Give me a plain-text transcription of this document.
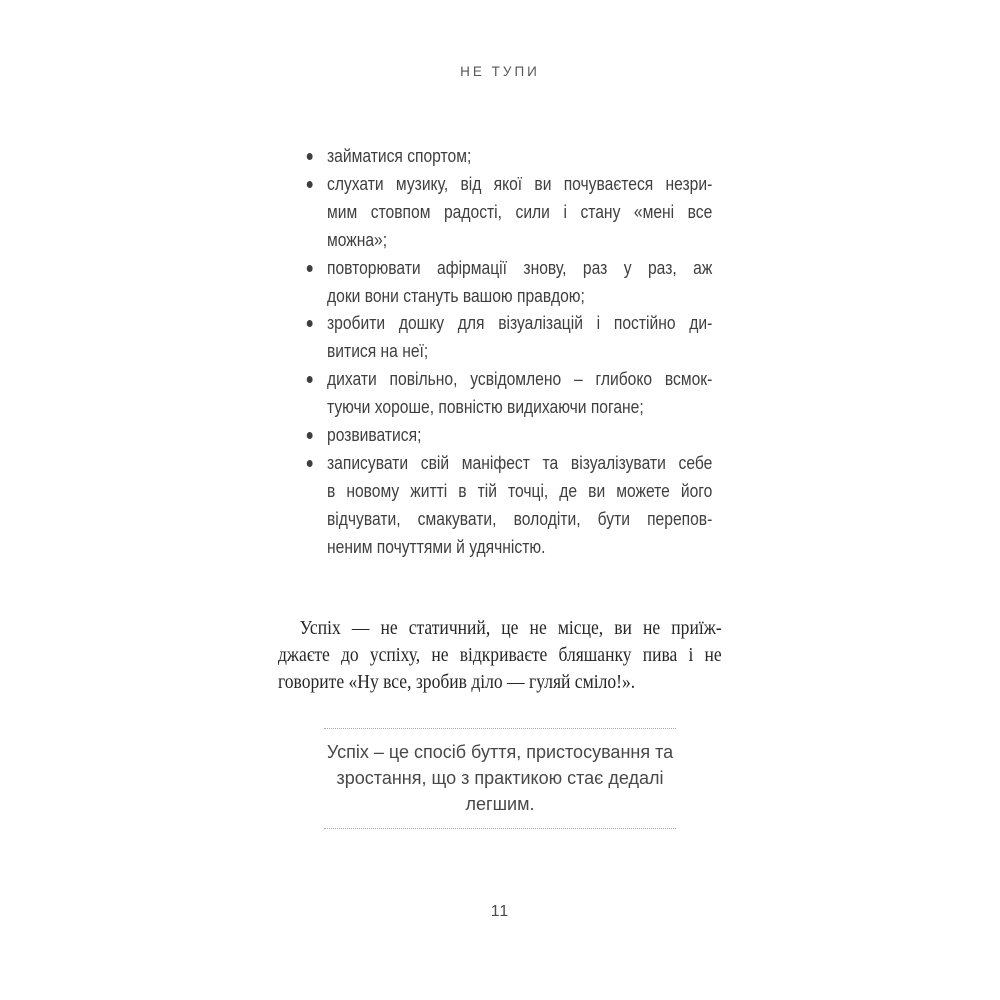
НЕ ТУПИ
займатися спортом;
слухати музику, від якої ви почуваєтеся незри-
мим стовпом радості, сили і стану «мені все
можна»;
повторювати афірмації знову, раз у раз, аж
доки вони стануть вашою правдою;
зробити дошку для візуалізацій і постійно ди-
витися на неї;
дихати повільно, усвідомлено – глибоко всмок-
туючи хороше, повністю видихаючи погане;
розвиватися;
записувати свій маніфест та візуалізувати себе
в новому житті в тій точці, де ви можете його
відчувати, смакувати, володіти, бути перепов-
неним почуттями й удячністю.
Успіх — не статичний, це не місце, ви не приїж-
джаєте до успіху, не відкриваєте бляшанку пива і не
говорите «Ну все, зробив діло — гуляй сміло!».
Успіх – це спосіб буття, пристосування та
зростання, що з практикою стає дедалі
легшим.
11
